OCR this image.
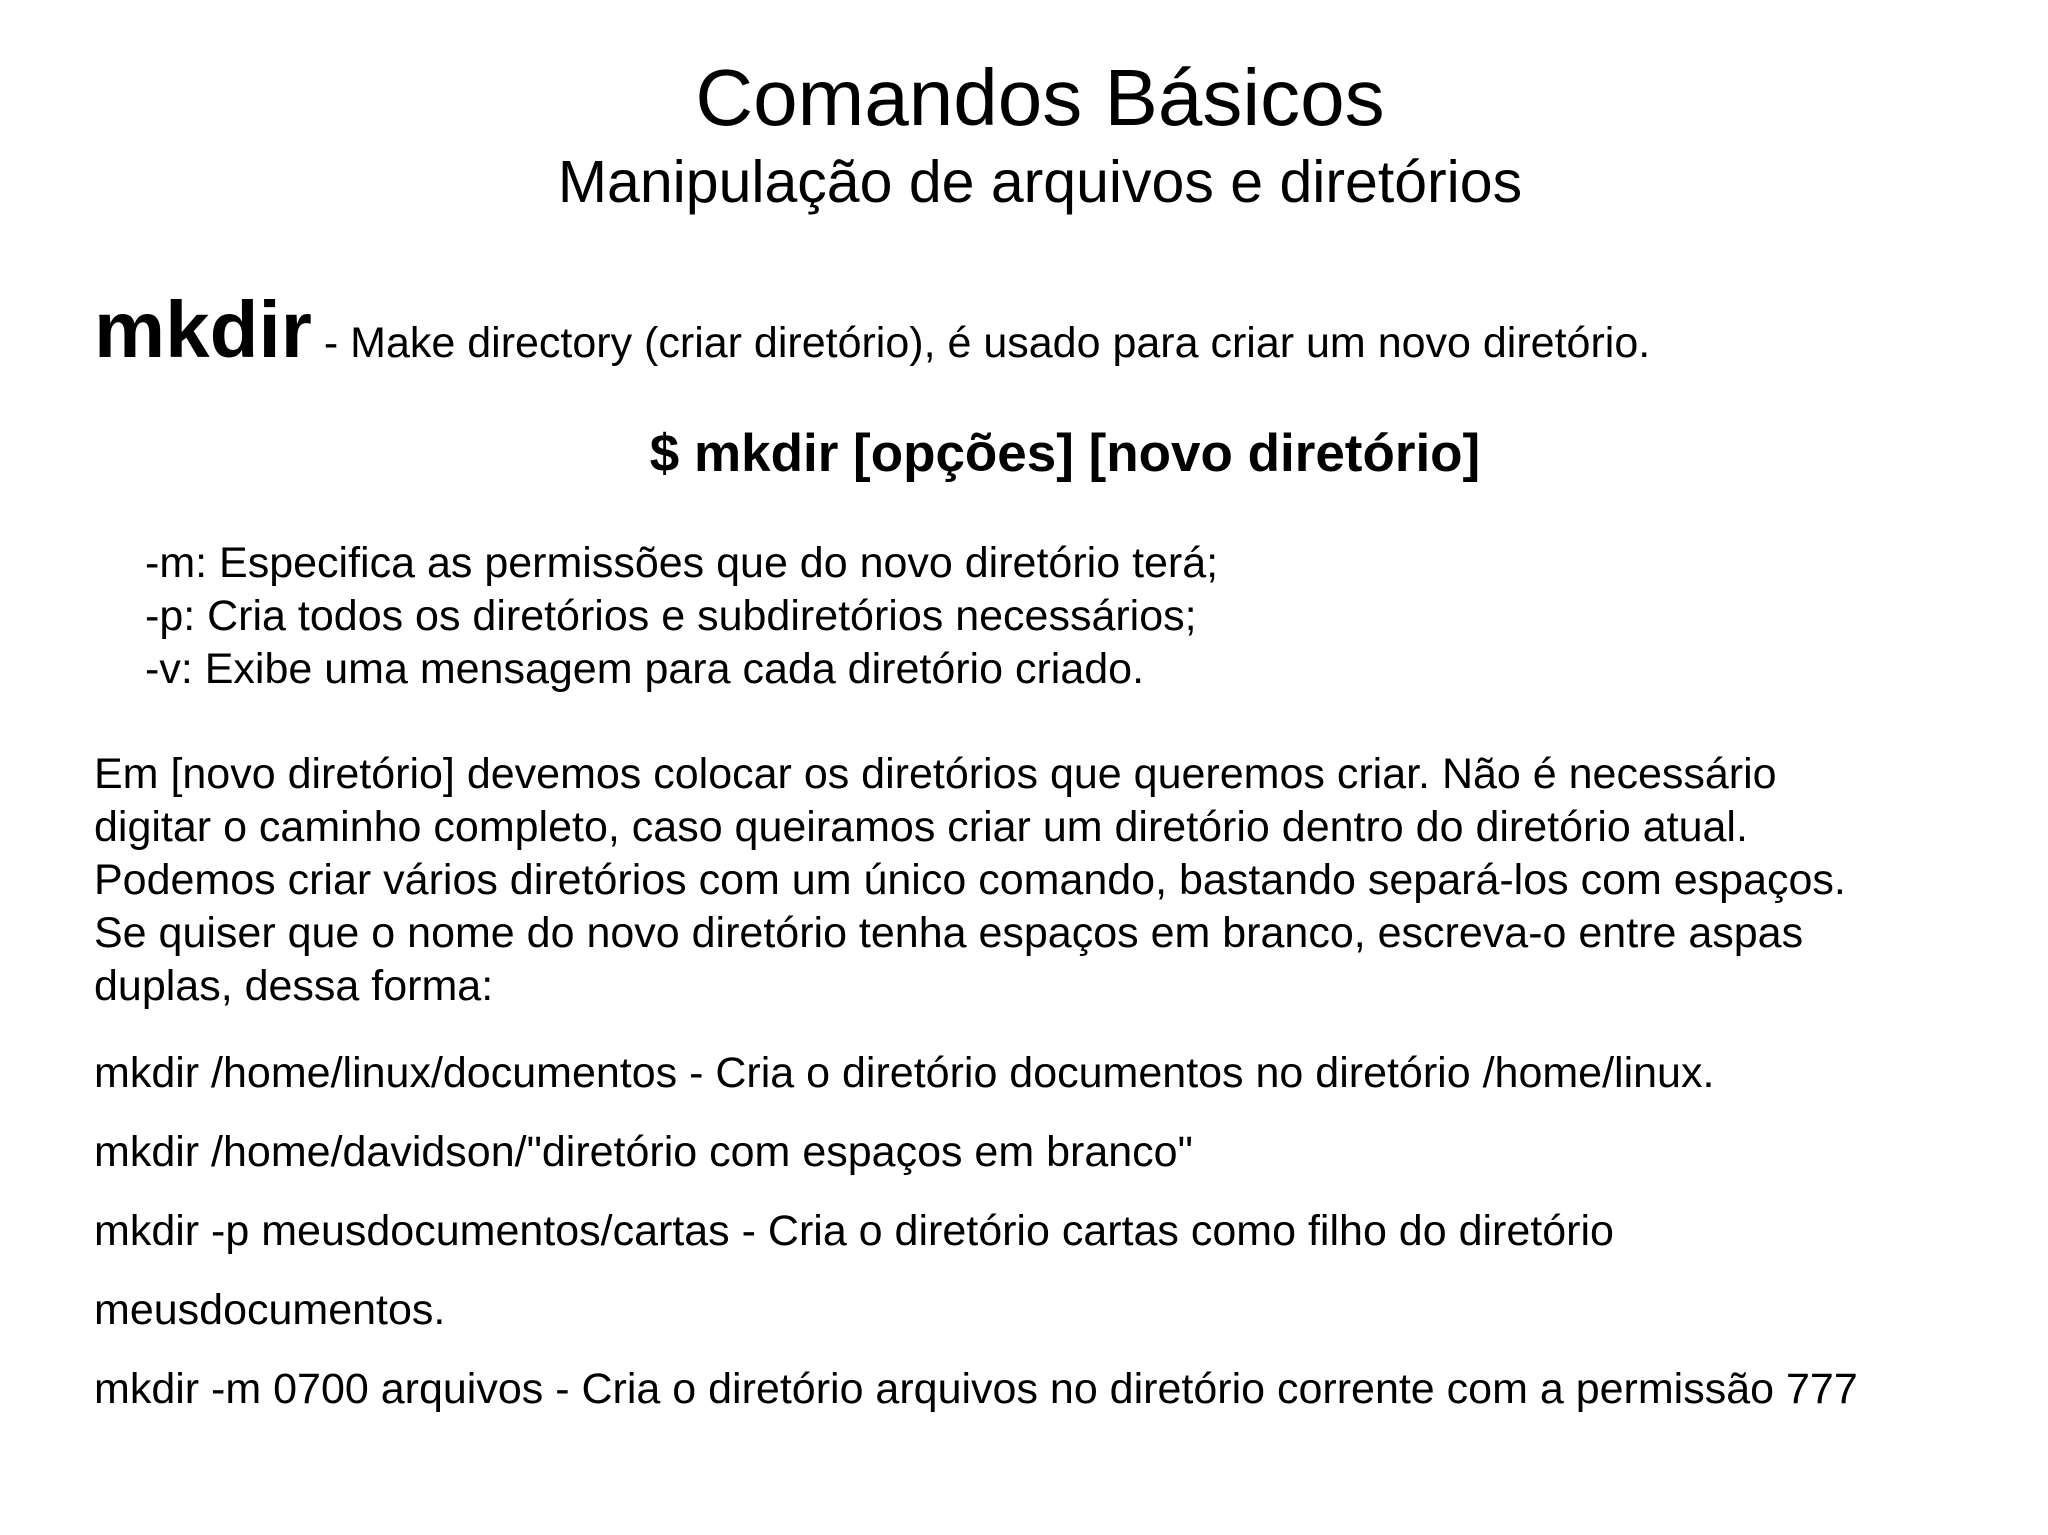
Comandos Básicos
Manipulação de arquivos e diretórios
mkdir - Make directory (criar diretório), é usado para criar um novo diretório.
$ mkdir [opções] [novo diretório]
-m: Especifica as permissões que do novo diretório terá;
-p: Cria todos os diretórios e subdiretórios necessários;
-v: Exibe uma mensagem para cada diretório criado.
Em [novo diretório] devemos colocar os diretórios que queremos criar. Não é necessário
digitar o caminho completo, caso queiramos criar um diretório dentro do diretório atual.
Podemos criar vários diretórios com um único comando, bastando separá-los com espaços.
Se quiser que o nome do novo diretório tenha espaços em branco, escreva-o entre aspas
duplas, dessa forma:
mkdir /home/linux/documentos - Cria o diretório documentos no diretório /home/linux.
mkdir /home/davidson/"diretório com espaços em branco"
mkdir -p meusdocumentos/cartas - Cria o diretório cartas como filho do diretório
meusdocumentos.
mkdir -m 0700 arquivos - Cria o diretório arquivos no diretório corrente com a permissão 777
